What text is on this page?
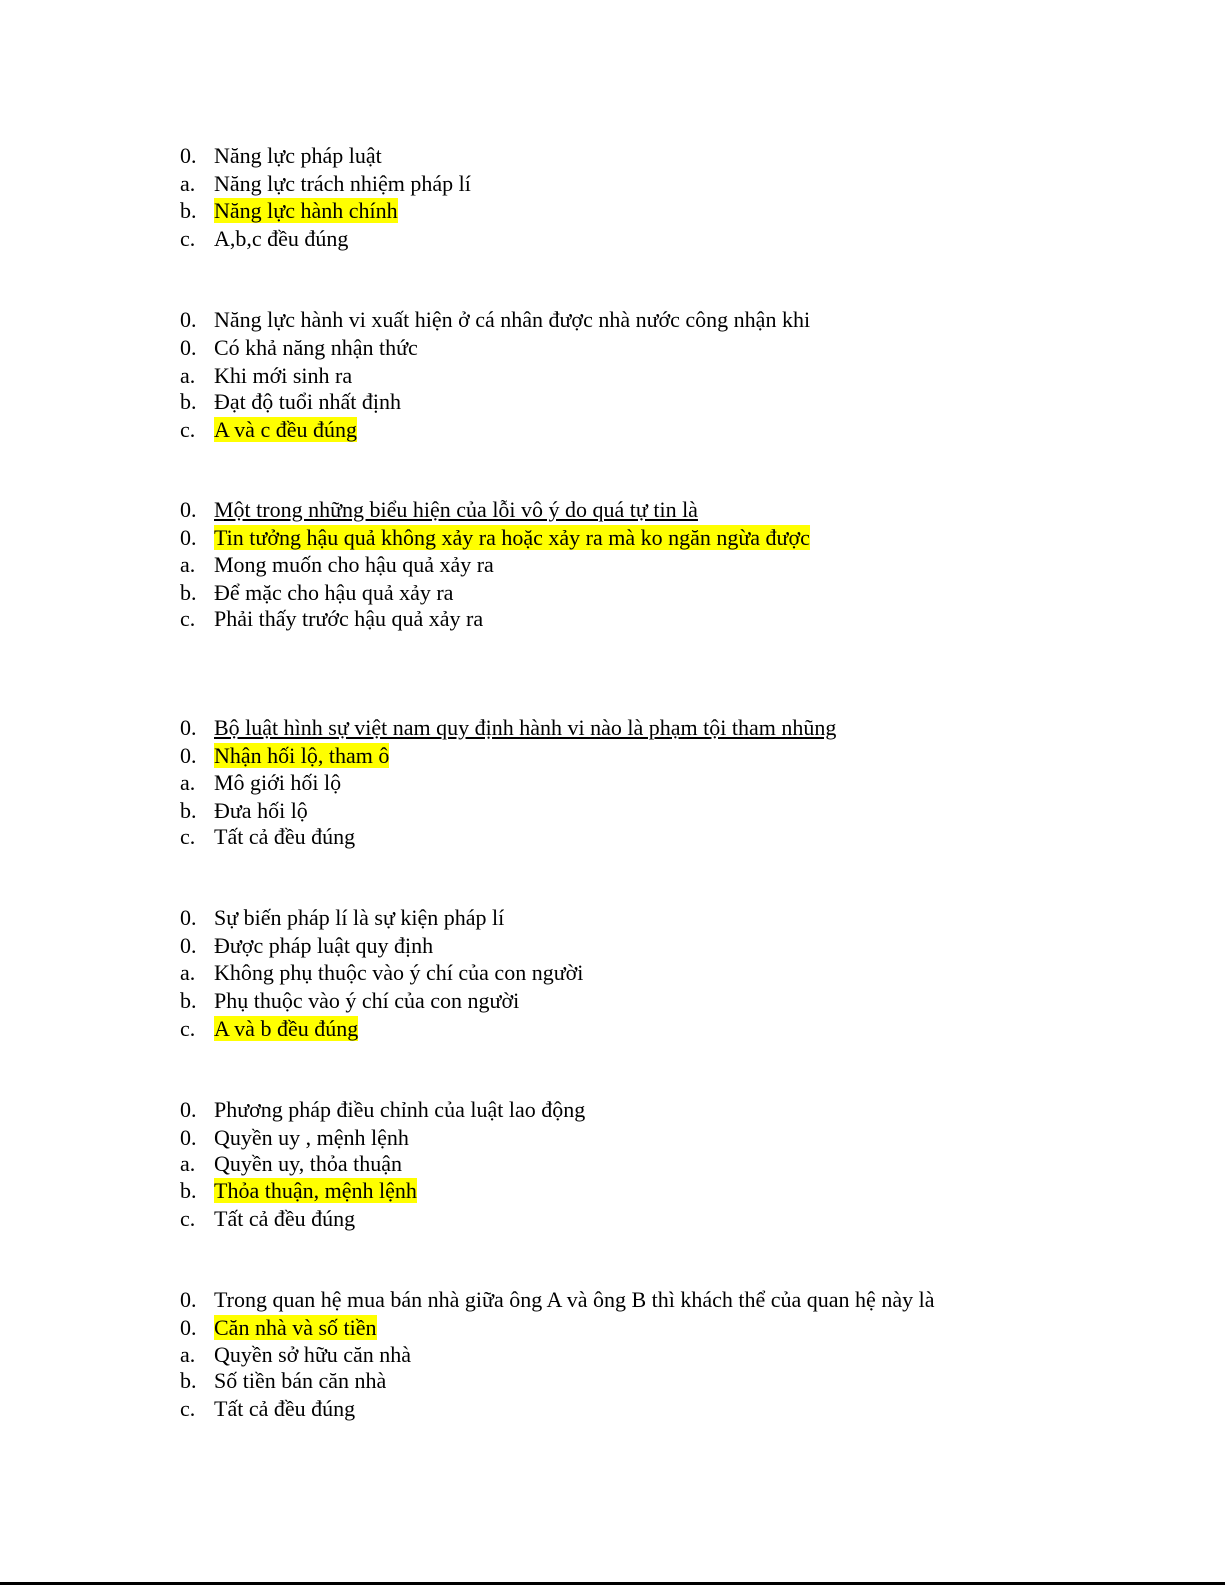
0. Năng lực pháp luật
a. Năng lực trách nhiệm pháp lí
b. Năng lực hành chính
c. A,b,c đều đúng
0. Năng lực hành vi xuất hiện ở cá nhân được nhà nước công nhận khi
0. Có khả năng nhận thức
a. Khi mới sinh ra
b. Đạt độ tuổi nhất định
c. A và c đều đúng
0. Một trong những biểu hiện của lỗi vô ý do quá tự tin là
0. Tin tưởng hậu quả không xảy ra hoặc xảy ra mà ko ngăn ngừa được
a. Mong muốn cho hậu quả xảy ra
b. Để mặc cho hậu quả xảy ra
c. Phải thấy trước hậu quả xảy ra
0. Bộ luật hình sự việt nam quy định hành vi nào là phạm tội tham nhũng
0. Nhận hối lộ, tham ô
a. Mô giới hối lộ
b. Đưa hối lộ
c. Tất cả đều đúng
0. Sự biến pháp lí là sự kiện pháp lí
0. Được pháp luật quy định
a. Không phụ thuộc vào ý chí của con người
b. Phụ thuộc vào ý chí của con người
c. A và b đều đúng
0. Phương pháp điều chỉnh của luật lao động
0. Quyền uy , mệnh lệnh
a. Quyền uy, thỏa thuận
b. Thỏa thuận, mệnh lệnh
c. Tất cả đều đúng
0. Trong quan hệ mua bán nhà giữa ông A và ông B thì khách thể của quan hệ này là
0. Căn nhà và số tiền
a. Quyền sở hữu căn nhà
b. Số tiền bán căn nhà
c. Tất cả đều đúng
